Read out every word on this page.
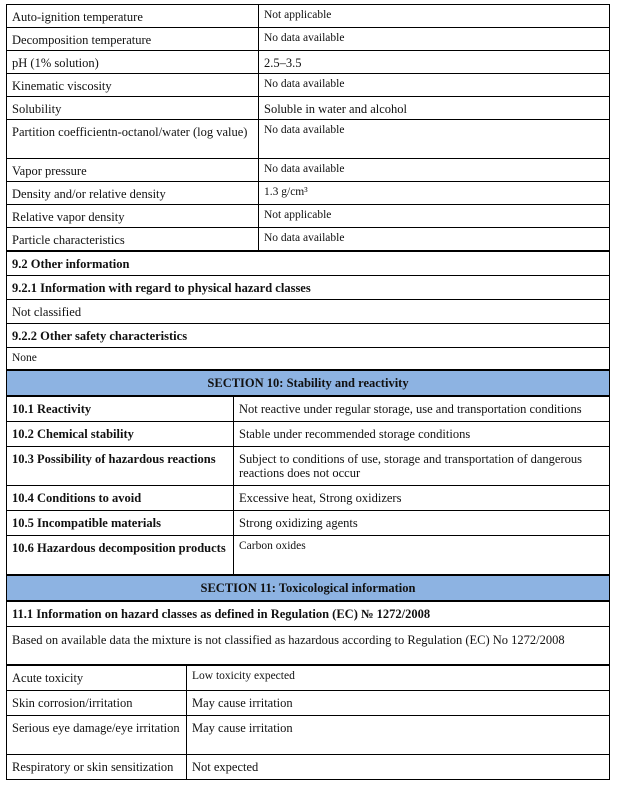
Auto-ignition temperature	Not applicable
Decomposition temperature	No data available
pH (1% solution)	2.5–3.5
Kinematic viscosity	No data available
Solubility	Soluble in water and alcohol
Partition coefficientn-octanol/water (log value)	No data available
Vapor pressure	No data available
Density and/or relative density	1.3 g/cm³
Relative vapor density	Not applicable
Particle characteristics	No data available
9.2 Other information
9.2.1 Information with regard to physical hazard classes
Not classified
9.2.2 Other safety characteristics
None
SECTION 10: Stability and reactivity
10.1 Reactivity	Not reactive under regular storage, use and transportation conditions
10.2 Chemical stability	Stable under recommended storage conditions
10.3 Possibility of hazardous reactions	Subject to conditions of use, storage and transportation of dangerous reactions does not occur
10.4 Conditions to avoid	Excessive heat, Strong oxidizers
10.5 Incompatible materials	Strong oxidizing agents
10.6 Hazardous decomposition products	Carbon oxides
SECTION 11: Toxicological information
11.1 Information on hazard classes as defined in Regulation (EC) № 1272/2008
Based on available data the mixture is not classified as hazardous according to Regulation (EC) No 1272/2008
Acute toxicity	Low toxicity expected
Skin corrosion/irritation	May cause irritation
Serious eye damage/eye irritation	May cause irritation
Respiratory or skin sensitization	Not expected
